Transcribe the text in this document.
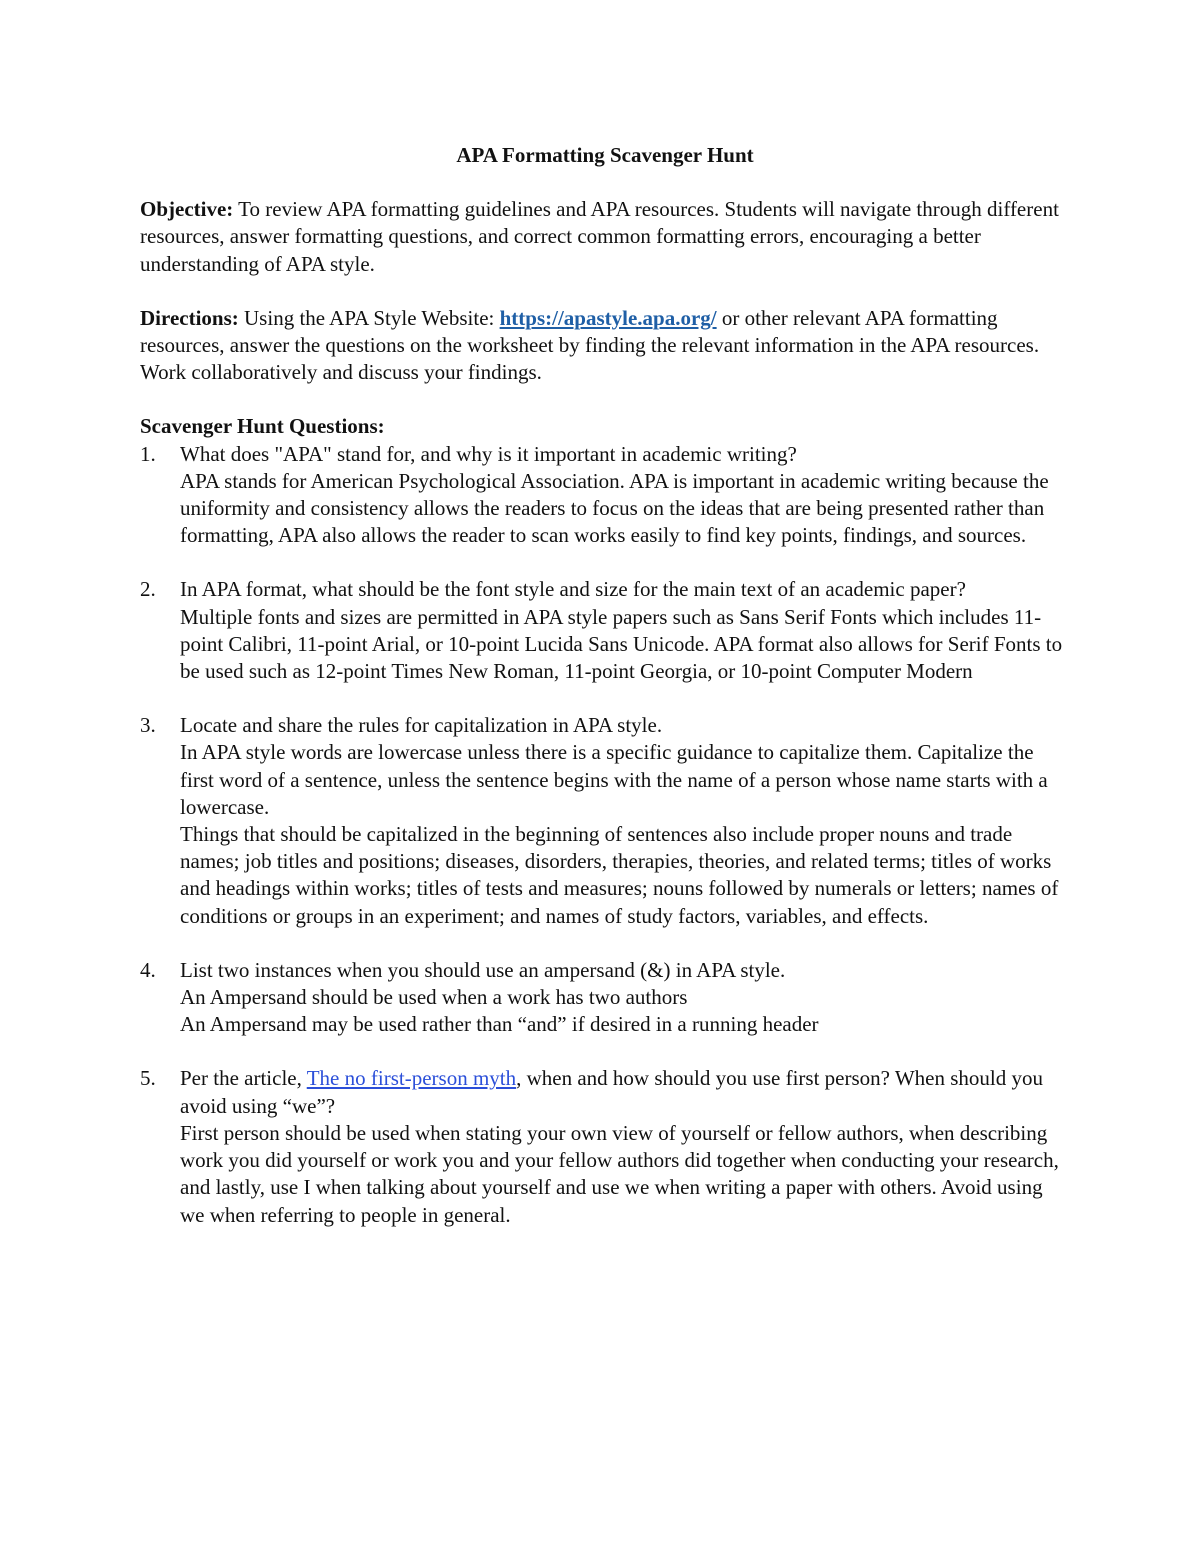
APA Formatting Scavenger Hunt

Objective: To review APA formatting guidelines and APA resources. Students will navigate through different resources, answer formatting questions, and correct common formatting errors, encouraging a better understanding of APA style.

Directions: Using the APA Style Website: https://apastyle.apa.org/ or other relevant APA formatting resources, answer the questions on the worksheet by finding the relevant information in the APA resources. Work collaboratively and discuss your findings.

Scavenger Hunt Questions:

1. What does "APA" stand for, and why is it important in academic writing?

APA stands for American Psychological Association. APA is important in academic writing because the uniformity and consistency allows the readers to focus on the ideas that are being presented rather than formatting, APA also allows the reader to scan works easily to find key points, findings, and sources.

2. In APA format, what should be the font style and size for the main text of an academic paper?

Multiple fonts and sizes are permitted in APA style papers such as Sans Serif Fonts which includes 11-point Calibri, 11-point Arial, or 10-point Lucida Sans Unicode. APA format also allows for Serif Fonts to be used such as 12-point Times New Roman, 11-point Georgia, or 10-point Computer Modern

3. Locate and share the rules for capitalization in APA style.

In APA style words are lowercase unless there is a specific guidance to capitalize them. Capitalize the first word of a sentence, unless the sentence begins with the name of a person whose name starts with a lowercase.

Things that should be capitalized in the beginning of sentences also include proper nouns and trade names; job titles and positions; diseases, disorders, therapies, theories, and related terms; titles of works and headings within works; titles of tests and measures; nouns followed by numerals or letters; names of conditions or groups in an experiment; and names of study factors, variables, and effects.

4. List two instances when you should use an ampersand (&) in APA style.

An Ampersand should be used when a work has two authors

An Ampersand may be used rather than “and” if desired in a running header

5. Per the article, The no first-person myth, when and how should you use first person? When should you avoid using “we”?

First person should be used when stating your own view of yourself or fellow authors, when describing work you did yourself or work you and your fellow authors did together when conducting your research, and lastly, use I when talking about yourself and use we when writing a paper with others. Avoid using we when referring to people in general.
